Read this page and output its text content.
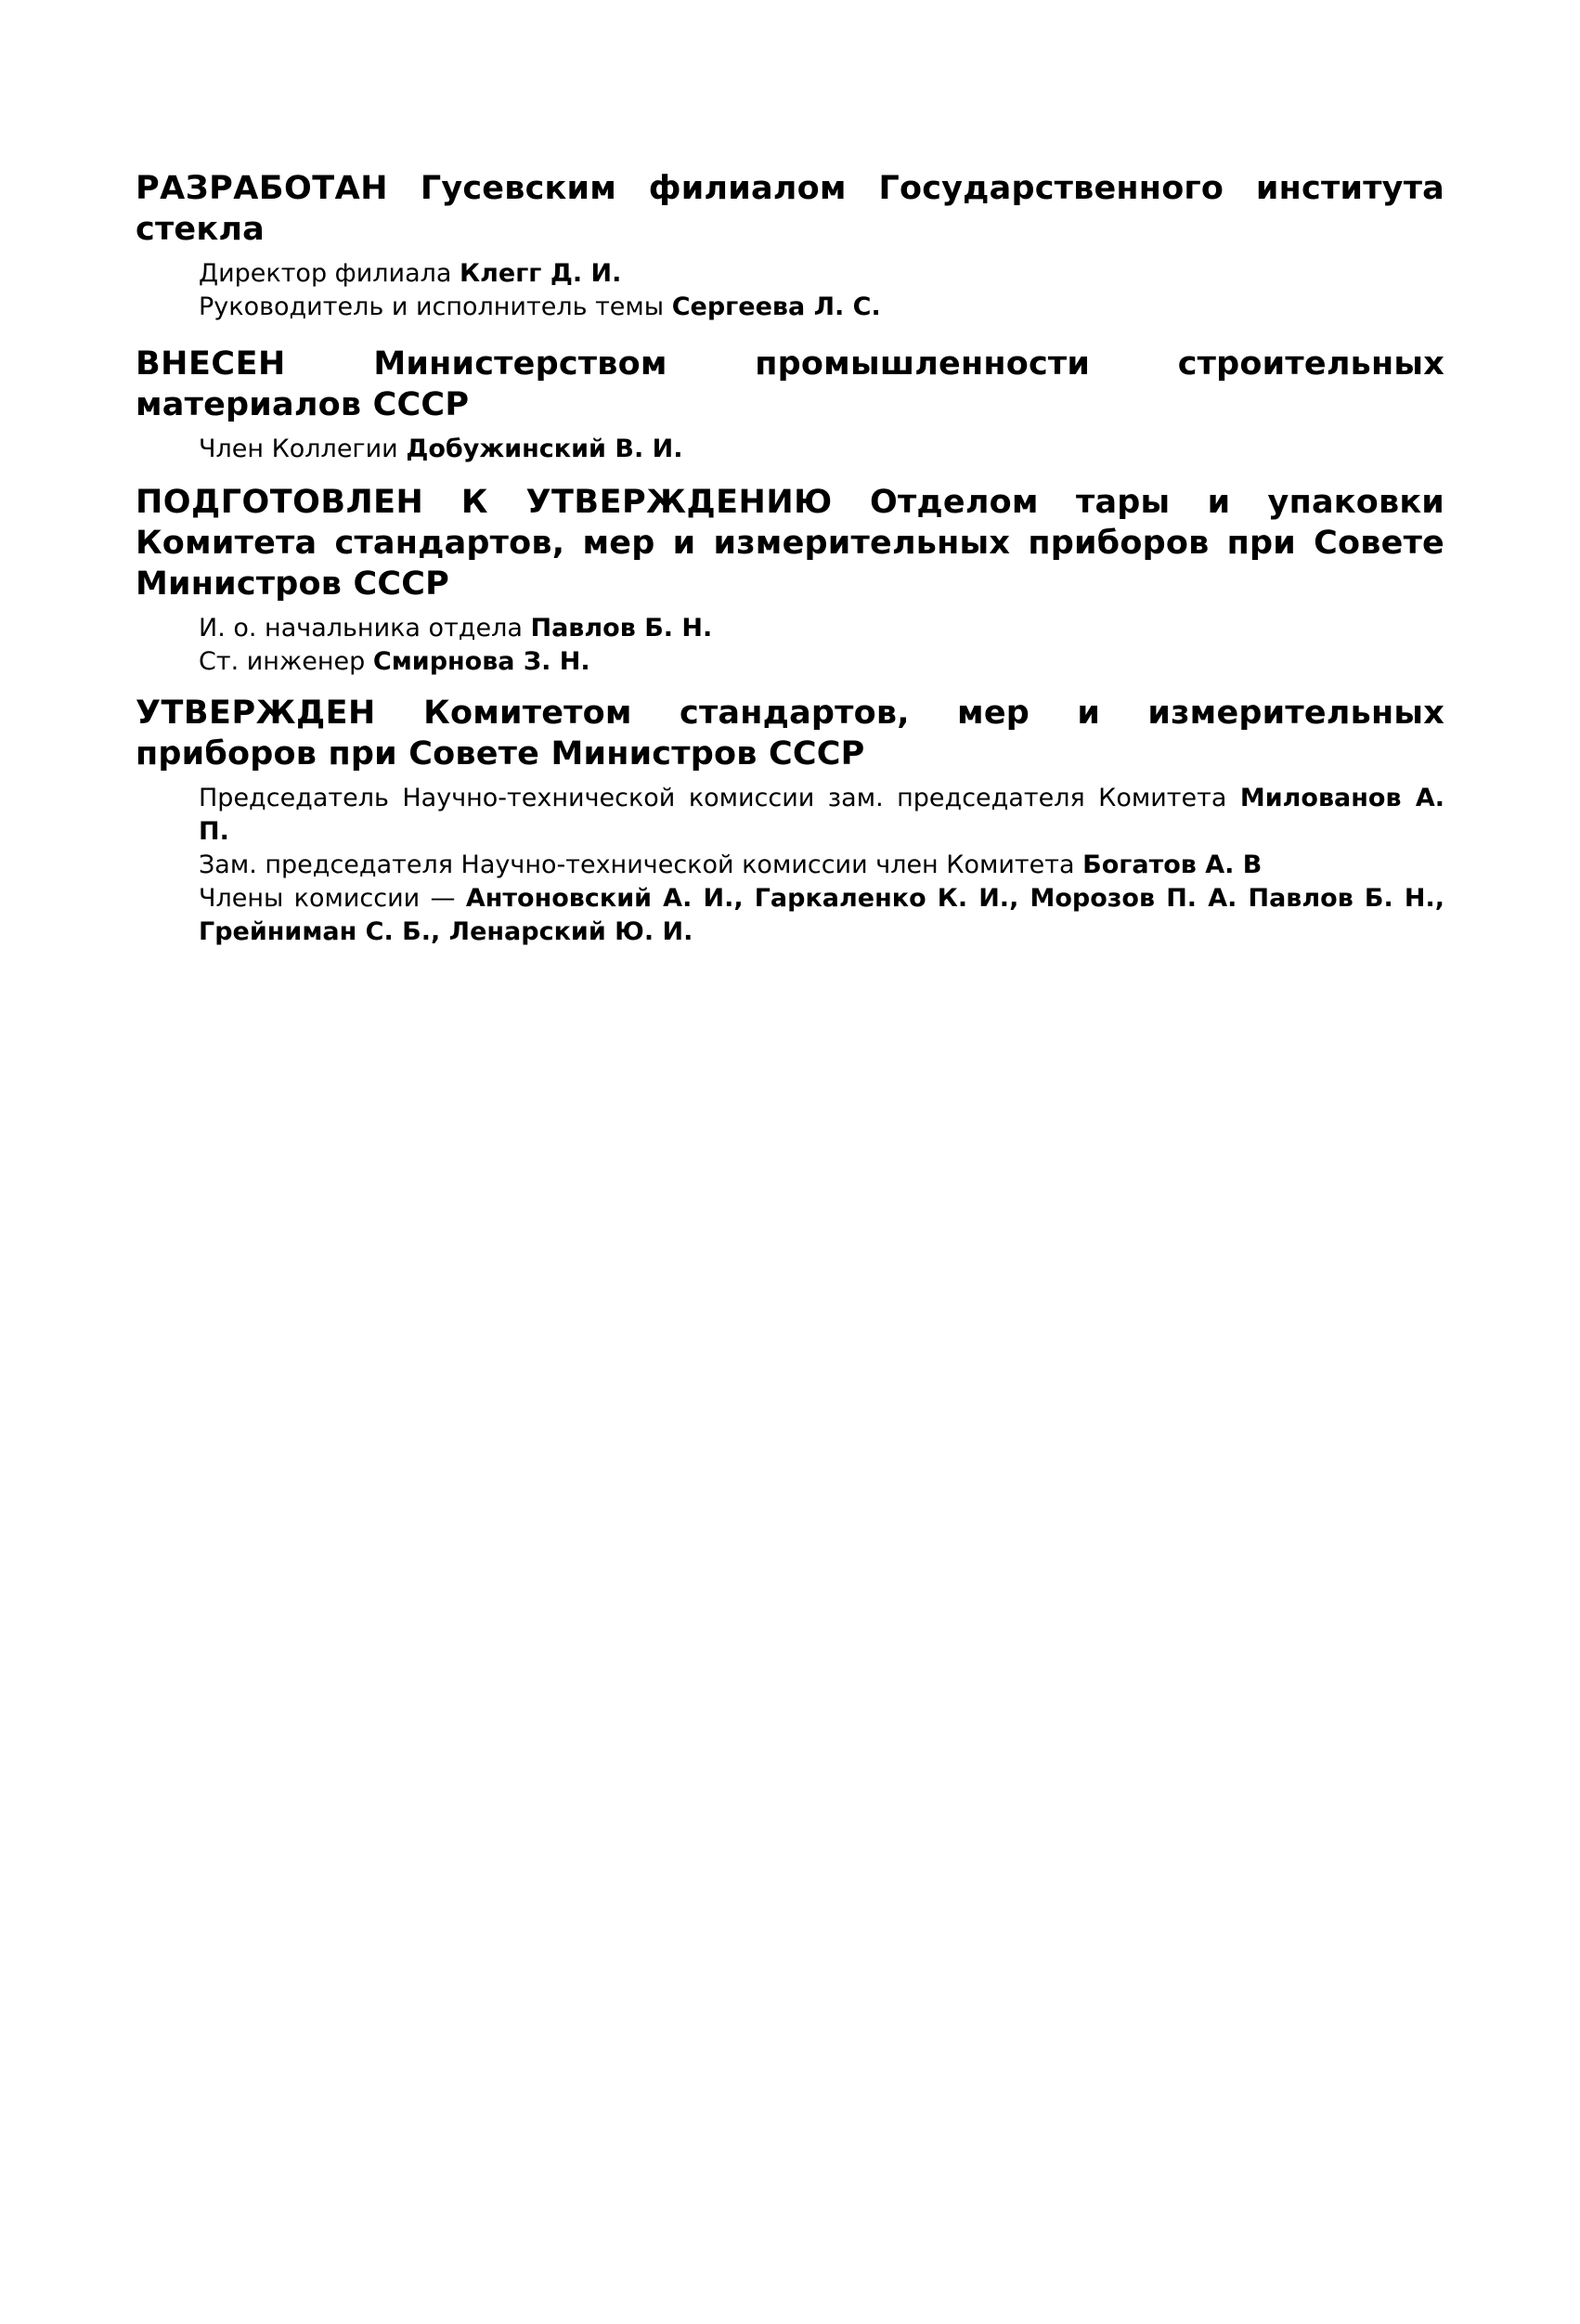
РАЗРАБОТАН Гусевским филиалом Государственного института стекла
Директор филиала Клегг Д. И.
Руководитель и исполнитель темы Сергеева Л. С.
ВНЕСЕН	Министерством промышленности строительных материалов СССР
Член Коллегии Добужинский В. И.
ПОДГОТОВЛЕН К УТВЕРЖДЕНИЮ Отделом тары и упаковки Комитета стандартов, мер и измерительных приборов при Совете Министров СССР
И. о. начальника отдела Павлов Б. Н.
Ст. инженер Смирнова З. Н.
УТВЕРЖДЕН Комитетом стандартов, мер и измерительных приборов при Совете Министров СССР
Председатель Научно-технической комиссии зам. председателя Комитета Милованов А. П.
Зам. председателя Научно-технической комиссии член Комитета Богатов А. В
Члены комиссии — Антоновский А. И., Гаркаленко К. И., Морозов П. А. Павлов Б. Н., Грейниман С. Б., Ленарский Ю. И.
